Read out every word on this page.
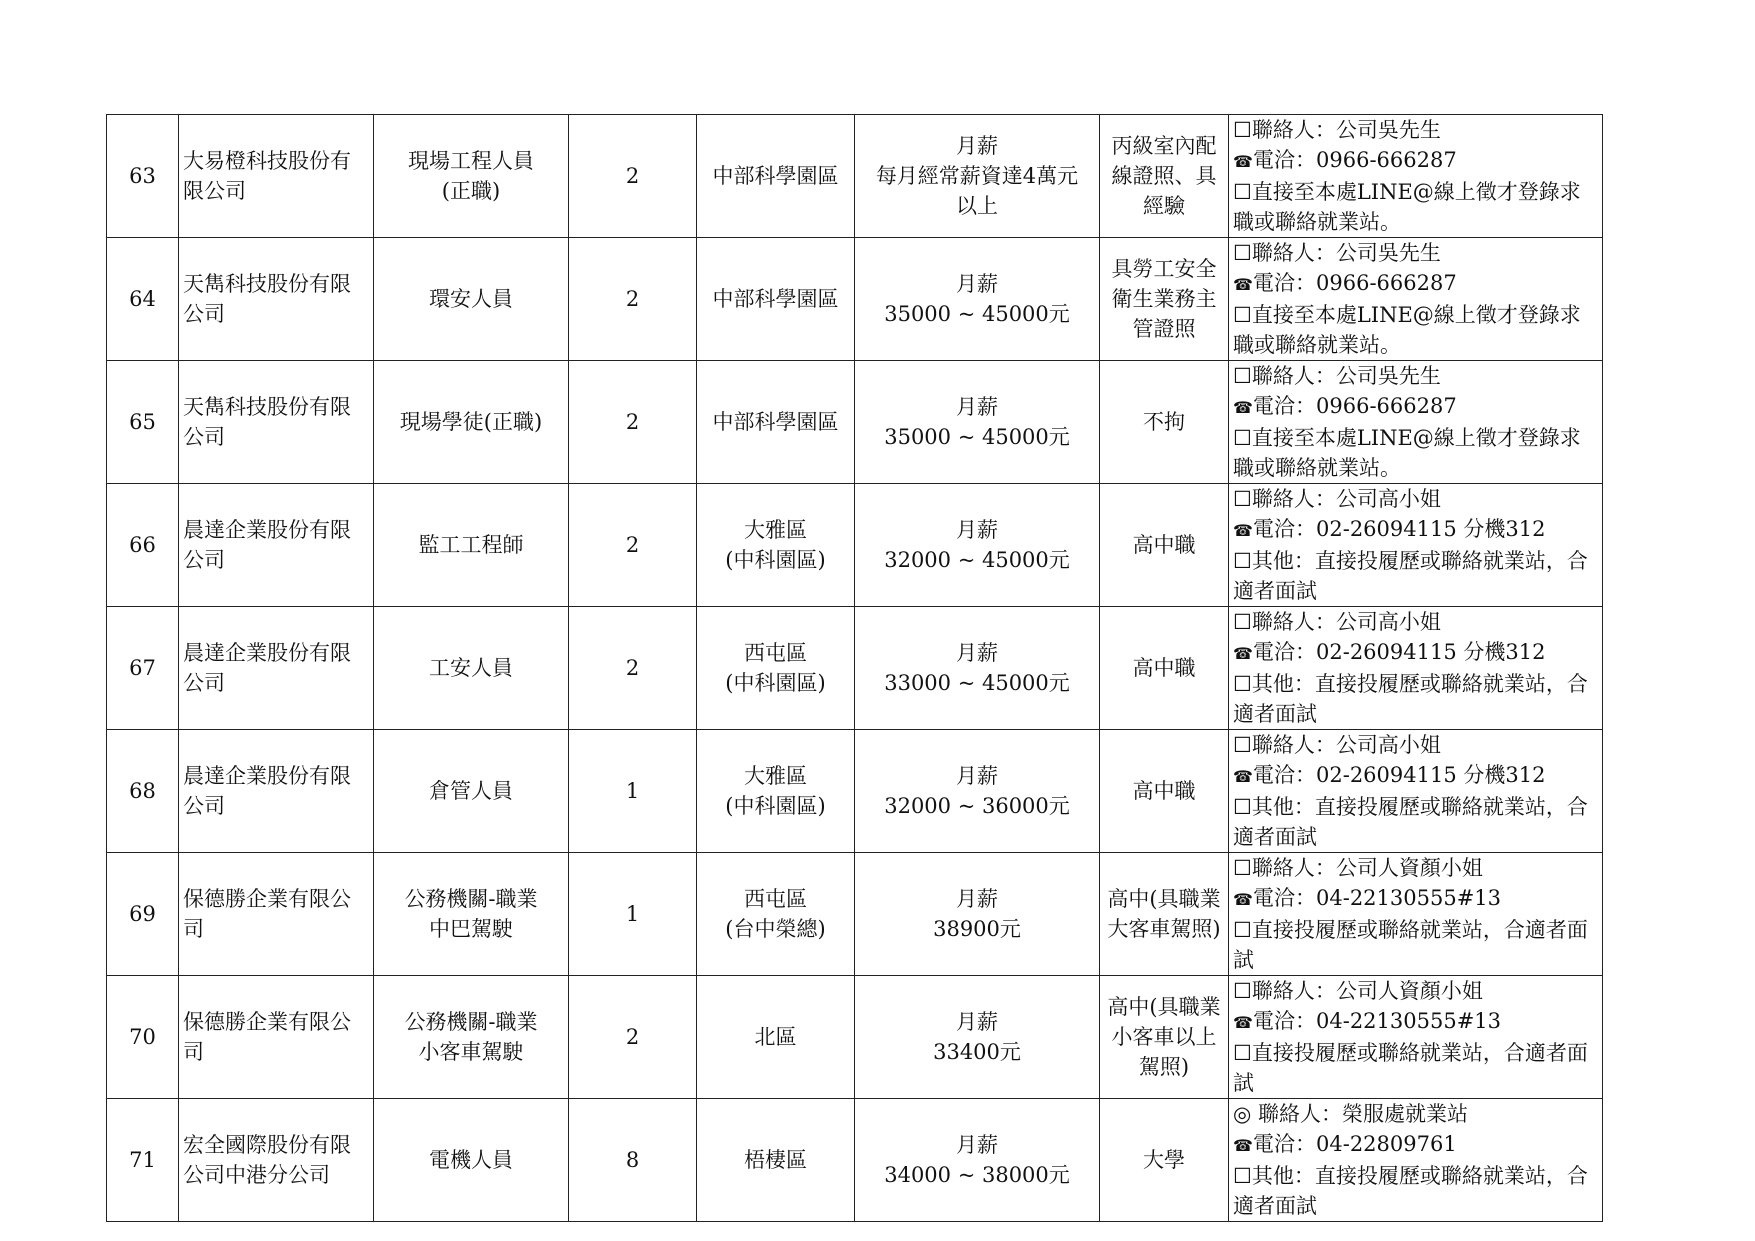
63	大易橙科技股份有限公司	現場工程人員
(正職)	2	中部科學園區	月薪
每月經常薪資達4萬元
以上	丙級室內配線證照、具經驗	☐聯絡人：公司吳先生
☎電洽：0966-666287
☐直接至本處LINE@線上徵才登錄求職或聯絡就業站。

64	天雋科技股份有限公司	環安人員	2	中部科學園區	月薪
35000 ~ 45000元	具勞工安全衛生業務主管證照	☐聯絡人：公司吳先生
☎電洽：0966-666287
☐直接至本處LINE@線上徵才登錄求職或聯絡就業站。

65	天雋科技股份有限公司	現場學徒(正職)	2	中部科學園區	月薪
35000 ~ 45000元	不拘	☐聯絡人：公司吳先生
☎電洽：0966-666287
☐直接至本處LINE@線上徵才登錄求職或聯絡就業站。

66	晨達企業股份有限公司	監工工程師	2	大雅區
(中科園區)	月薪
32000 ~ 45000元	高中職	☐聯絡人：公司高小姐
☎電洽：02-26094115 分機312
☐其他：直接投履歷或聯絡就業站，合適者面試

67	晨達企業股份有限公司	工安人員	2	西屯區
(中科園區)	月薪
33000 ~ 45000元	高中職	☐聯絡人：公司高小姐
☎電洽：02-26094115 分機312
☐其他：直接投履歷或聯絡就業站，合適者面試

68	晨達企業股份有限公司	倉管人員	1	大雅區
(中科園區)	月薪
32000 ~ 36000元	高中職	☐聯絡人：公司高小姐
☎電洽：02-26094115 分機312
☐其他：直接投履歷或聯絡就業站，合適者面試

69	保德勝企業有限公司	公務機關-職業
中巴駕駛	1	西屯區
(台中榮總)	月薪
38900元	高中(具職業大客車駕照)	☐聯絡人：公司人資顏小姐
☎電洽：04-22130555#13
☐直接投履歷或聯絡就業站，合適者面試

70	保德勝企業有限公司	公務機關-職業
小客車駕駛	2	北區	月薪
33400元	高中(具職業小客車以上駕照)	☐聯絡人：公司人資顏小姐
☎電洽：04-22130555#13
☐直接投履歷或聯絡就業站，合適者面試

71	宏全國際股份有限公司中港分公司	電機人員	8	梧棲區	月薪
34000 ~ 38000元	大學	◎ 聯絡人：榮服處就業站
☎電洽：04-22809761
☐其他：直接投履歷或聯絡就業站，合適者面試
